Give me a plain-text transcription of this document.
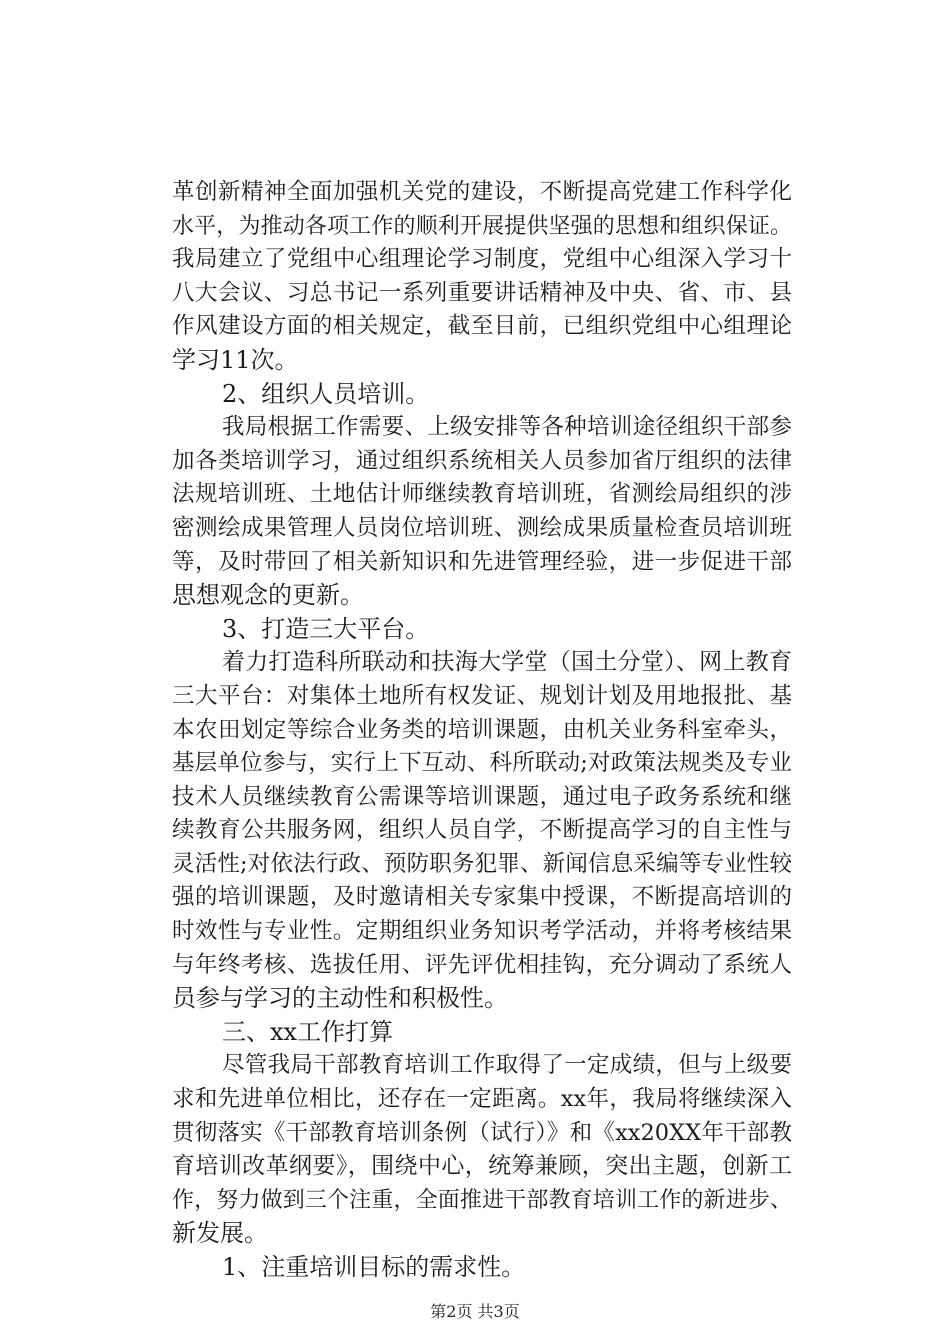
革创新精神全面加强机关党的建设，不断提高党建工作科学化
水平，为推动各项工作的顺利开展提供坚强的思想和组织保证。
我局建立了党组中心组理论学习制度，党组中心组深入学习十
八大会议、习总书记一系列重要讲话精神及中央、省、市、县
作风建设方面的相关规定，截至目前，已组织党组中心组理论
学习11次。
2、组织人员培训。
我局根据工作需要、上级安排等各种培训途径组织干部参
加各类培训学习，通过组织系统相关人员参加省厅组织的法律
法规培训班、土地估计师继续教育培训班，省测绘局组织的涉
密测绘成果管理人员岗位培训班、测绘成果质量检查员培训班
等，及时带回了相关新知识和先进管理经验，进一步促进干部
思想观念的更新。
3、打造三大平台。
着力打造科所联动和扶海大学堂（国土分堂）、网上教育
三大平台：对集体土地所有权发证、规划计划及用地报批、基
本农田划定等综合业务类的培训课题，由机关业务科室牵头，
基层单位参与，实行上下互动、科所联动;对政策法规类及专业
技术人员继续教育公需课等培训课题，通过电子政务系统和继
续教育公共服务网，组织人员自学，不断提高学习的自主性与
灵活性;对依法行政、预防职务犯罪、新闻信息采编等专业性较
强的培训课题，及时邀请相关专家集中授课，不断提高培训的
时效性与专业性。定期组织业务知识考学活动，并将考核结果
与年终考核、选拔任用、评先评优相挂钩，充分调动了系统人
员参与学习的主动性和积极性。
三、xx工作打算
尽管我局干部教育培训工作取得了一定成绩，但与上级要
求和先进单位相比，还存在一定距离。xx年，我局将继续深入
贯彻落实《干部教育培训条例（试行）》和《xx20XX年干部教
育培训改革纲要》，围绕中心，统筹兼顾，突出主题，创新工
作，努力做到三个注重，全面推进干部教育培训工作的新进步、
新发展。
1、注重培训目标的需求性。
第2页 共3页
